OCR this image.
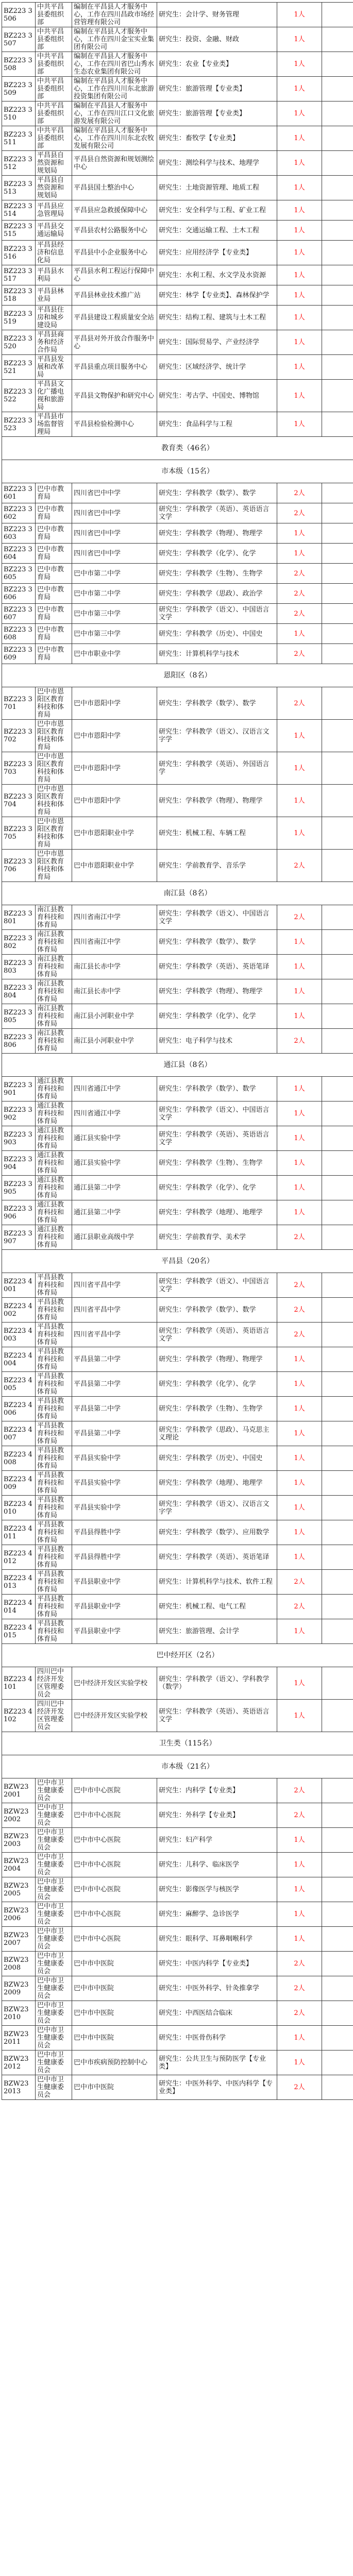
BZ223 3506	中共平昌县委组织部	编制在平昌县人才服务中心，工作在四川昌政市场经营管理有限公司	研究生：会计学、财务管理	1人	
BZ223 3507	中共平昌县委组织部	编制在平昌县人才服务中心，工作在四川金宝实业集团有限公司	研究生：投资、金融、财政	1人	
BZ223 3508	中共平昌县委组织部	编制在平昌县人才服务中心，工作在四川省巴山秀水生态农业集团有限公司	研究生：农业【专业类】	1人	
BZ223 3509	中共平昌县委组织部	编制在平昌县人才服务中心，工作在四川川东北旅游投资集团有限公司	研究生：旅游管理【专业类】	1人	
BZ223 3510	中共平昌县委组织部	编制在平昌县人才服务中心，工作在四川江口文化旅游发展有限公司	研究生：旅游管理【专业类】	1人	
BZ223 3511	中共平昌县委组织部	编制在平昌县人才服务中心，工作在四川川东北农牧发展有限公司	研究生：畜牧学【专业类】	1人	
BZ223 3512	平昌县自然资源和规划局	平昌县自然资源和规划测绘中心	研究生：测绘科学与技术、地理学	1人	
BZ223 3513	平昌县自然资源和规划局	平昌县国土整治中心	研究生：土地资源管理、地质工程	1人	
BZ223 3514	平昌县应急管理局	平昌县应急救援保障中心	研究生：安全科学与工程、矿业工程	1人	
BZ223 3515	平昌县交通运输局	平昌县农村公路服务中心	研究生：交通运输工程、土木工程	1人	
BZ223 3516	平昌县经济和信息化局	平昌县中小企业服务中心	研究生：应用经济学【专业类】	1人	
BZ223 3517	平昌县水利局	平昌县水利工程运行保障中心	研究生：水利工程、水文学及水资源	1人	
BZ223 3518	平昌县林业局	平昌县林业技术推广站	研究生：林学【专业类】、森林保护学	1人	
BZ223 3519	平昌县住房和城乡建设局	平昌县建设工程质量安全站	研究生：结构工程、建筑与土木工程	1人	
BZ223 3520	平昌县商务和经济合作局	平昌县对外开放合作服务中心	研究生：国际贸易学、产业经济学	1人	
BZ223 3521	平昌县发展和改革局	平昌县重点项目服务中心	研究生：区域经济学、统计学	1人	
BZ223 3522	平昌县文化广播电视和旅游局	平昌县文物保护和研究中心	研究生：考古学、中国史、博物馆	1人	
BZ223 3523	平昌县市场监督管理局	平昌县检验检测中心	研究生：食品科学与工程	1人	
教育类（46名）					
市本级（15名）					
BZ223 3601	巴中市教育局	四川省巴中中学	研究生：学科教学（数学）、数学	2人	
BZ223 3602	巴中市教育局	四川省巴中中学	研究生：学科教学（英语）、英语语言文学	2人	
BZ223 3603	巴中市教育局	四川省巴中中学	研究生：学科教学（物理）、物理学	1人	
BZ223 3604	巴中市教育局	四川省巴中中学	研究生：学科教学（化学）、化学	1人	
BZ223 3605	巴中市教育局	巴中市第二中学	研究生：学科教学（生物）、生物学	2人	
BZ223 3606	巴中市教育局	巴中市第二中学	研究生：学科教学（思政）、政治学	2人	
BZ223 3607	巴中市教育局	巴中市第三中学	研究生：学科教学（语文）、中国语言文学	2人	
BZ223 3608	巴中市教育局	巴中市第三中学	研究生：学科教学（历史）、中国史	1人	
BZ223 3609	巴中市教育局	巴中市职业中学	研究生：计算机科学与技术	2人	
恩阳区（8名）					
BZ223 3701	巴中市恩阳区教育科技和体育局	巴中市恩阳中学	研究生：学科教学（数学）、数学	2人	
BZ223 3702	巴中市恩阳区教育科技和体育局	巴中市恩阳中学	研究生：学科教学（语文）、汉语言文字学	1人	
BZ223 3703	巴中市恩阳区教育科技和体育局	巴中市恩阳中学	研究生：学科教学（英语）、外国语言学	1人	
BZ223 3704	巴中市恩阳区教育科技和体育局	巴中市恩阳中学	研究生：学科教学（物理）、物理学	1人	
BZ223 3705	巴中市恩阳区教育科技和体育局	巴中市恩阳职业中学	研究生：机械工程、车辆工程	1人	
BZ223 3706	巴中市恩阳区教育科技和体育局	巴中市恩阳职业中学	研究生：学前教育学、音乐学	2人	
南江县（8名）					
BZ223 3801	南江县教育科技和体育局	四川省南江中学	研究生：学科教学（语文）、中国语言文学	2人	
BZ223 3802	南江县教育科技和体育局	四川省南江中学	研究生：学科教学（数学）、数学	1人	
BZ223 3803	南江县教育科技和体育局	南江县长赤中学	研究生：学科教学（英语）、英语笔译	1人	
BZ223 3804	南江县教育科技和体育局	南江县长赤中学	研究生：学科教学（物理）、物理学	1人	
BZ223 3805	南江县教育科技和体育局	南江县小河职业中学	研究生：学科教学（化学）、化学	1人	
BZ223 3806	南江县教育科技和体育局	南江县小河职业中学	研究生：电子科学与技术	2人	
通江县（8名）					
BZ223 3901	通江县教育科技和体育局	四川省通江中学	研究生：学科教学（数学）、数学	1人	
BZ223 3902	通江县教育科技和体育局	四川省通江中学	研究生：学科教学（语文）、中国语言文学	1人	
BZ223 3903	通江县教育科技和体育局	通江县实验中学	研究生：学科教学（英语）、英语语言文学	1人	
BZ223 3904	通江县教育科技和体育局	通江县实验中学	研究生：学科教学（生物）、生物学	1人	
BZ223 3905	通江县教育科技和体育局	通江县第二中学	研究生：学科教学（化学）、化学	1人	
BZ223 3906	通江县教育科技和体育局	通江县第二中学	研究生：学科教学（地理）、地理学	1人	
BZ223 3907	通江县教育科技和体育局	通江县职业高级中学	研究生：学前教育学、美术学	2人	
平昌县（20名）					
BZ223 4001	平昌县教育科技和体育局	四川省平昌中学	研究生：学科教学（语文）、中国语言文学	2人	
BZ223 4002	平昌县教育科技和体育局	四川省平昌中学	研究生：学科教学（数学）、数学	2人	
BZ223 4003	平昌县教育科技和体育局	四川省平昌中学	研究生：学科教学（英语）、英语语言文学	2人	
BZ223 4004	平昌县教育科技和体育局	平昌县第二中学	研究生：学科教学（物理）、物理学	1人	
BZ223 4005	平昌县教育科技和体育局	平昌县第二中学	研究生：学科教学（化学）、化学	1人	
BZ223 4006	平昌县教育科技和体育局	平昌县第二中学	研究生：学科教学（生物）、生物学	1人	
BZ223 4007	平昌县教育科技和体育局	平昌县第二中学	研究生：学科教学（思政）、马克思主义理论	1人	
BZ223 4008	平昌县教育科技和体育局	平昌县实验中学	研究生：学科教学（历史）、中国史	1人	
BZ223 4009	平昌县教育科技和体育局	平昌县实验中学	研究生：学科教学（地理）、地理学	1人	
BZ223 4010	平昌县教育科技和体育局	平昌县实验中学	研究生：学科教学（语文）、汉语言文字学	1人	
BZ223 4011	平昌县教育科技和体育局	平昌县得胜中学	研究生：学科教学（数学）、应用数学	1人	
BZ223 4012	平昌县教育科技和体育局	平昌县得胜中学	研究生：学科教学（英语）、英语笔译	1人	
BZ223 4013	平昌县教育科技和体育局	平昌县职业中学	研究生：计算机科学与技术、软件工程	2人	
BZ223 4014	平昌县教育科技和体育局	平昌县职业中学	研究生：机械工程、电气工程	2人	
BZ223 4015	平昌县教育科技和体育局	平昌县职业中学	研究生：旅游管理、会计学	1人	
巴中经开区（2名）					
BZ223 4101	四川巴中经济开发区管理委员会	巴中经济开发区实验学校	研究生：学科教学（语文）、学科教学（数学）	1人	
BZ223 4102	四川巴中经济开发区管理委员会	巴中经济开发区实验学校	研究生：学科教学（英语）、英语语言文学	1人	
卫生类（115名）					
市本级（21名）					
BZW23 2001	巴中市卫生健康委员会	巴中市中心医院	研究生：内科学【专业类】	2人	
BZW23 2002	巴中市卫生健康委员会	巴中市中心医院	研究生：外科学【专业类】	2人	
BZW23 2003	巴中市卫生健康委员会	巴中市中心医院	研究生：妇产科学	1人	
BZW23 2004	巴中市卫生健康委员会	巴中市中心医院	研究生：儿科学、临床医学	1人	
BZW23 2005	巴中市卫生健康委员会	巴中市中心医院	研究生：影像医学与核医学	1人	
BZW23 2006	巴中市卫生健康委员会	巴中市中心医院	研究生：麻醉学、急诊医学	1人	
BZW23 2007	巴中市卫生健康委员会	巴中市中心医院	研究生：眼科学、耳鼻咽喉科学	1人	
BZW23 2008	巴中市卫生健康委员会	巴中市中医院	研究生：中医内科学【专业类】	2人	
BZW23 2009	巴中市卫生健康委员会	巴中市中医院	研究生：中医外科学、针灸推拿学	2人	
BZW23 2010	巴中市卫生健康委员会	巴中市中医院	研究生：中西医结合临床	2人	
BZW23 2011	巴中市卫生健康委员会	巴中市中医院	研究生：中医骨伤科学	1人	
BZW23 2012	巴中市卫生健康委员会	巴中市疾病预防控制中心	研究生：公共卫生与预防医学【专业类】	1人	
BZW23 2013	巴中市卫生健康委员会	巴中市中医院	研究生：中医外科学、中医内科学【专业类】	2人	
